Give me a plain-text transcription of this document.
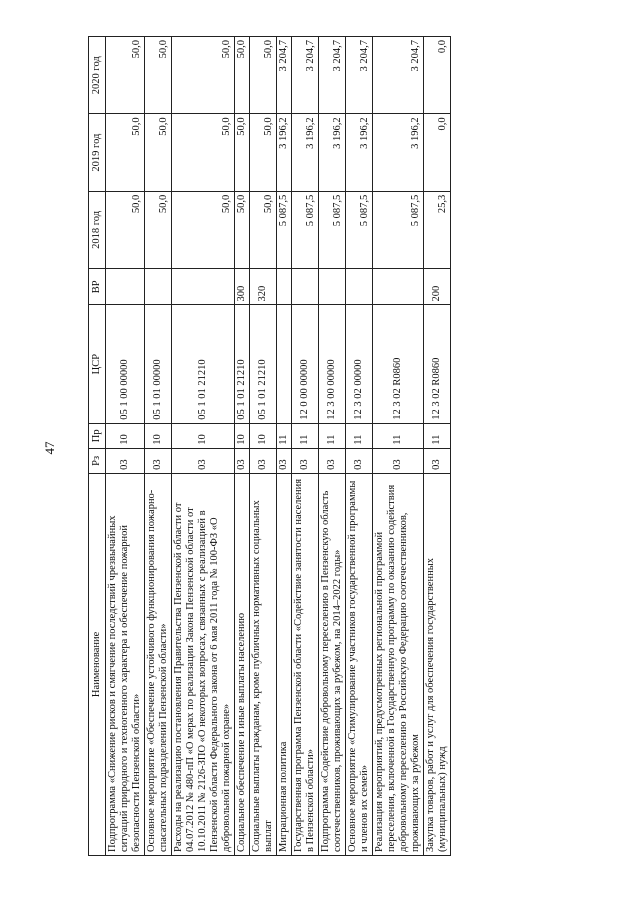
47
Наименование	Рз	Пр	ЦСР	ВР	2018 год	2019 год	2020 год
Подпрограмма «Снижение рисков и смягчение последствий чрезвычайных ситуаций природного и техногенного характера и обеспечение пожарной безопасности Пензенской области»	03	10	05 1 00 00000		50,0	50,0	50,0
Основное мероприятие «Обеспечение устойчивого функционирования пожарно-спасательных подразделений Пензенской области»	03	10	05 1 01 00000		50,0	50,0	50,0
Расходы на реализацию постановления Правительства Пензенской области от 04.07.2012 № 480-пП «О мерах по реализации Закона Пензенской области от 10.10.2011 № 2126-ЗПО «О некоторых вопросах, связанных с реализацией в Пензенской области Федерального закона от 6 мая 2011 года № 100-ФЗ «О добровольной пожарной охране»	03	10	05 1 01 21210		50,0	50,0	50,0
Социальное обеспечение и иные выплаты населению	03	10	05 1 01 21210	300	50,0	50,0	50,0
Социальные выплаты гражданам, кроме публичных нормативных социальных выплат	03	10	05 1 01 21210	320	50,0	50,0	50,0
Миграционная политика	03	11			5 087,5	3 196,2	3 204,7
Государственная программа Пензенской области «Содействие занятости населения в Пензенской области»	03	11	12 0 00 00000		5 087,5	3 196,2	3 204,7
Подпрограмма «Содействие добровольному переселению в Пензенскую область соотечественников, проживающих за рубежом, на 2014–2022 годы»	03	11	12 3 00 00000		5 087,5	3 196,2	3 204,7
Основное мероприятие «Стимулирование участников государственной программы и членов их семей»	03	11	12 3 02 00000		5 087,5	3 196,2	3 204,7
Реализация мероприятий, предусмотренных региональной программой переселения, включенной в Государственную программу по оказанию содействия добровольному переселению в Российскую Федерацию соотечественников, проживающих за рубежом	03	11	12 3 02 R0860		5 087,5	3 196,2	3 204,7
Закупка товаров, работ и услуг для обеспечения государственных (муниципальных) нужд	03	11	12 3 02 R0860	200	25,3	0,0	0,0
